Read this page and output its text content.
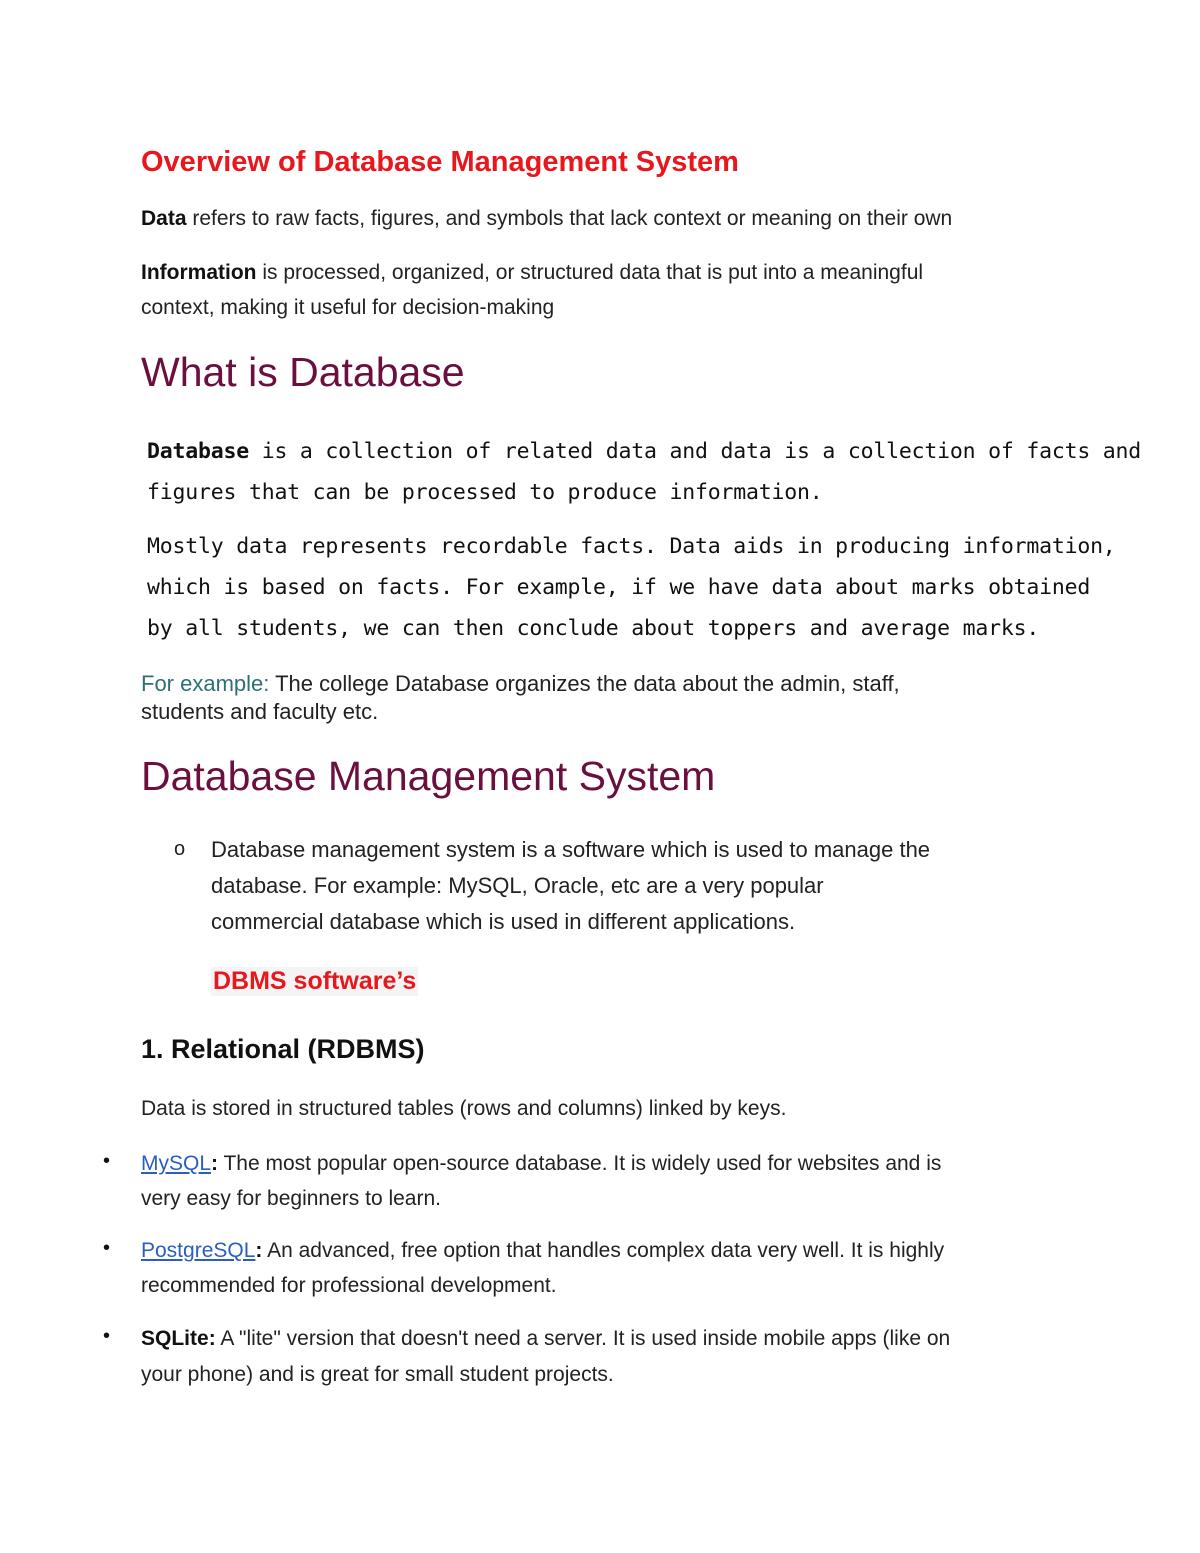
Overview of Database Management System
Data refers to raw facts, figures, and symbols that lack context or meaning on their own
Information is processed, organized, or structured data that is put into a meaningful
context, making it useful for decision-making
What is Database
Database is a collection of related data and data is a collection of facts and
figures that can be processed to produce information.
Mostly data represents recordable facts. Data aids in producing information,
which is based on facts. For example, if we have data about marks obtained
by all students, we can then conclude about toppers and average marks.
For example: The college Database organizes the data about the admin, staff,
students and faculty etc.
Database Management System
o Database management system is a software which is used to manage the
database. For example: MySQL, Oracle, etc are a very popular
commercial database which is used in different applications.
DBMS software’s
1. Relational (RDBMS)
Data is stored in structured tables (rows and columns) linked by keys.
• MySQL: The most popular open-source database. It is widely used for websites and is
very easy for beginners to learn.
• PostgreSQL: An advanced, free option that handles complex data very well. It is highly
recommended for professional development.
• SQLite: A "lite" version that doesn't need a server. It is used inside mobile apps (like on
your phone) and is great for small student projects.
